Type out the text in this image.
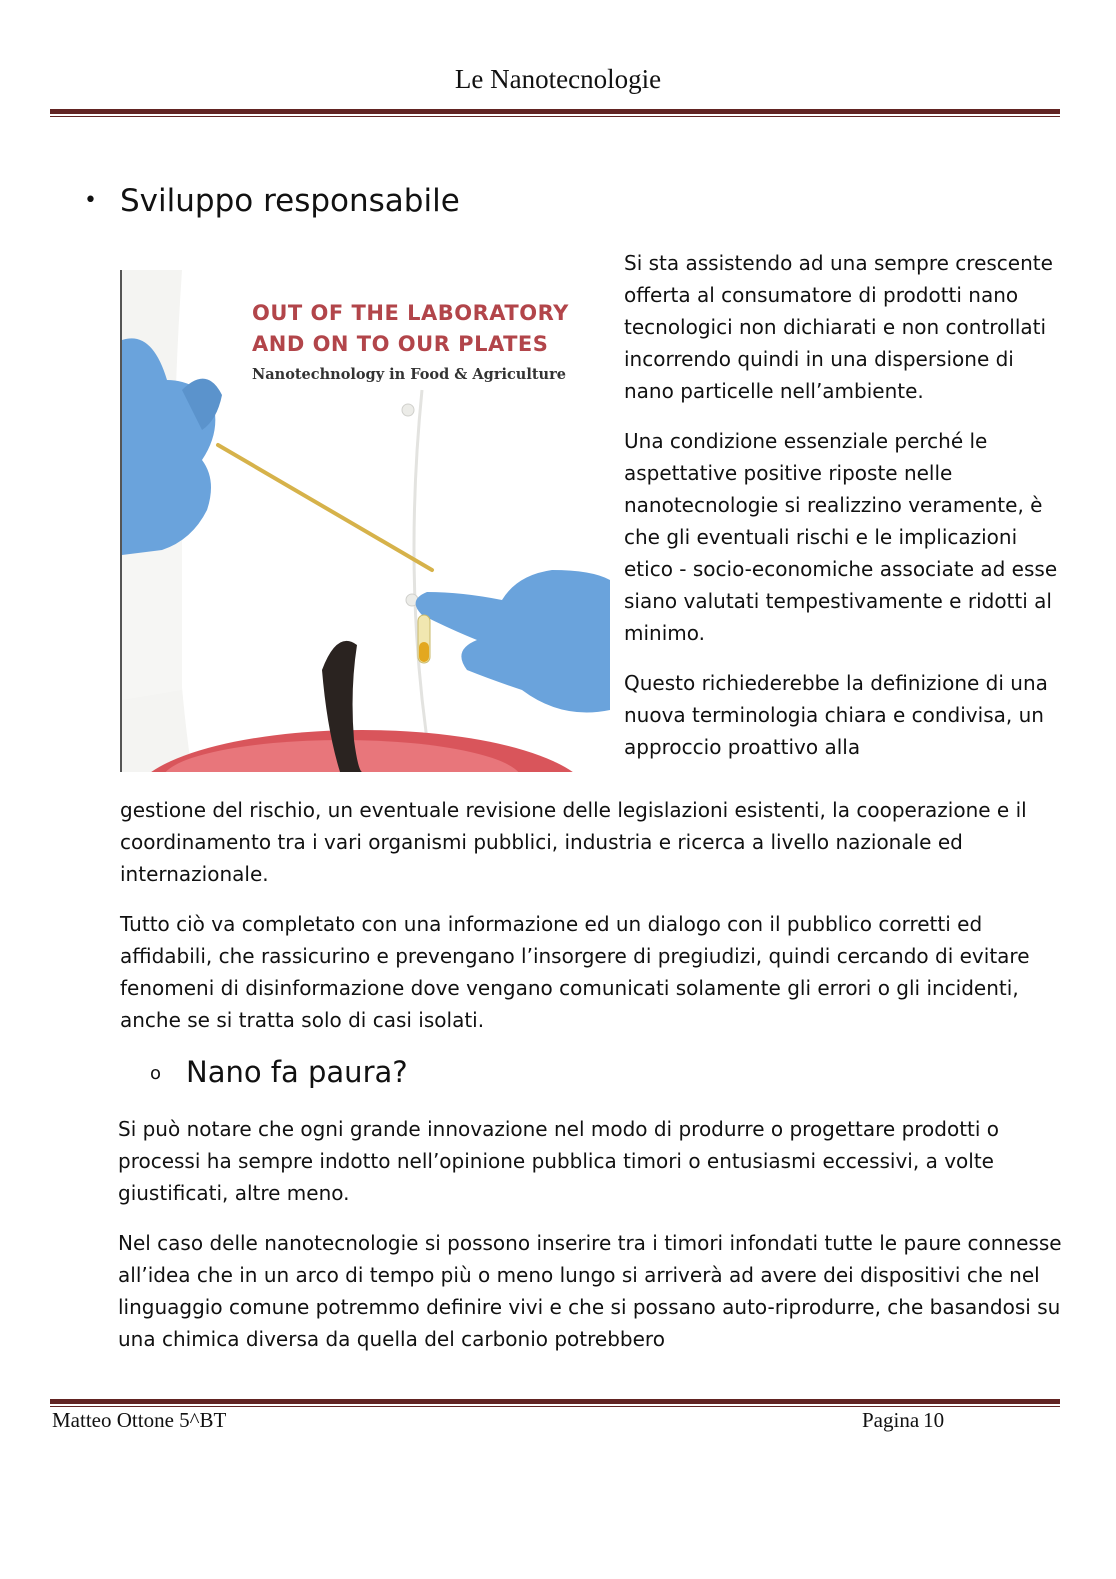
Le Nanotecnologie
• Sviluppo responsabile
OUT OF THE LABORATORY
AND ON TO OUR PLATES
Nanotechnology in Food & Agriculture

Si sta assistendo ad una sempre crescente offerta al consumatore di prodotti nano tecnologici non dichiarati e non controllati incorrendo quindi in una dispersione di nano particelle nell’ambiente.

Una condizione essenziale perché le aspettative positive riposte nelle nanotecnologie si realizzino veramente, è che gli eventuali rischi e le implicazioni etico - socio-economiche associate ad esse siano valutati tempestivamente e ridotti al minimo.

Questo richiederebbe la definizione di una nuova terminologia chiara e condivisa, un approccio proattivo alla

gestione del rischio, un eventuale revisione delle legislazioni esistenti, la cooperazione e il coordinamento tra i vari organismi pubblici, industria e ricerca a livello nazionale ed internazionale.

Tutto ciò va completato con una informazione ed un dialogo con il pubblico corretti ed affidabili, che rassicurino e prevengano l’insorgere di pregiudizi, quindi cercando di evitare fenomeni di disinformazione dove vengano comunicati solamente gli errori o gli incidenti, anche se si tratta solo di casi isolati.

o Nano fa paura?

Si può notare che ogni grande innovazione nel modo di produrre o progettare prodotti o processi ha sempre indotto nell’opinione pubblica timori o entusiasmi eccessivi, a volte giustificati, altre meno.

Nel caso delle nanotecnologie si possono inserire tra i timori infondati tutte le paure connesse all’idea che in un arco di tempo più o meno lungo si arriverà ad avere dei dispositivi che nel linguaggio comune potremmo definire vivi e che si possano auto-riprodurre, che basandosi su una chimica diversa da quella del carbonio potrebbero

Matteo Ottone 5^BT	Pagina 10
